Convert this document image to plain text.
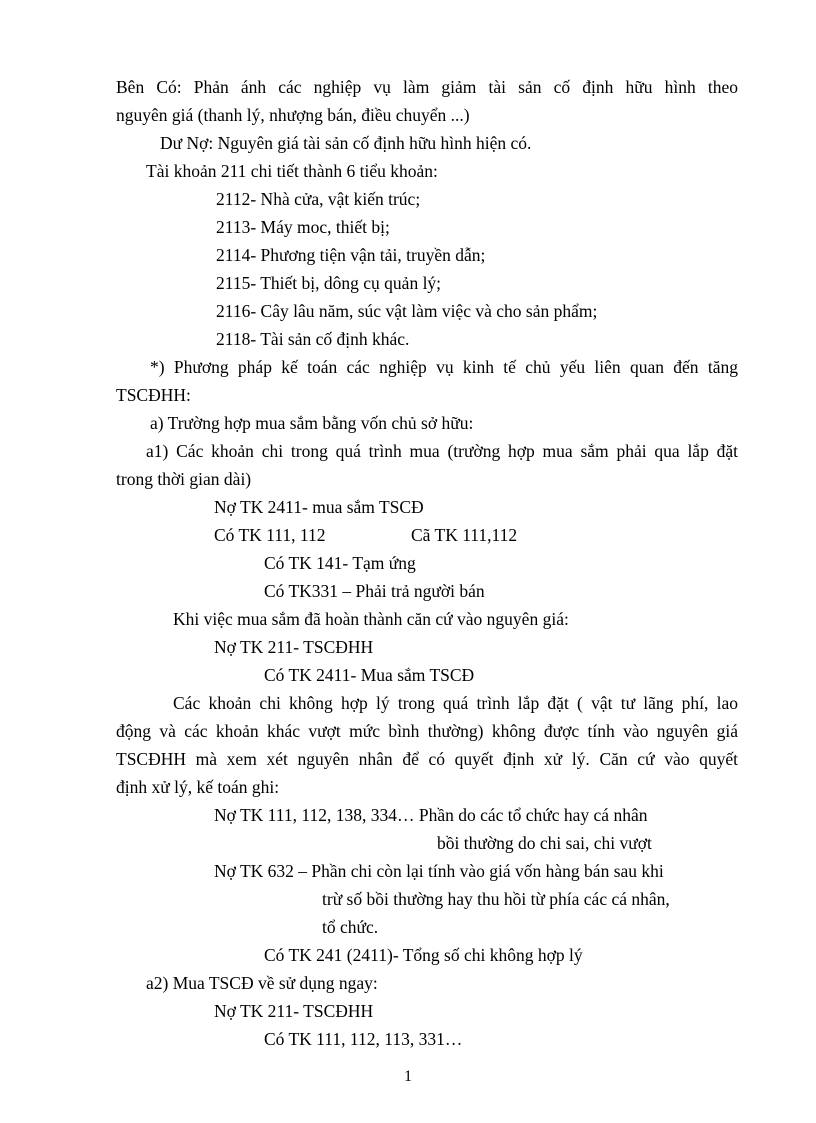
Bên Có: Phản ánh các nghiệp vụ làm giảm tài sản cố định hữu hình theo
nguyên giá (thanh lý, nhượng bán, điều chuyển ...)
Dư Nợ: Nguyên giá tài sản cố định hữu hình hiện có.
Tài khoản 211 chi tiết thành 6 tiểu khoản:
2112- Nhà cửa, vật kiến trúc;
2113- Máy moc, thiết bị;
2114- Phương tiện vận tải, truyền dẫn;
2115- Thiết bị, dông cụ quản lý;
2116- Cây lâu năm, súc vật làm việc và cho sản phẩm;
2118- Tài sản cố định khác.
*) Phương pháp kế toán các nghiệp vụ kinh tế chủ yếu liên quan đến tăng
TSCĐHH:
a) Trường hợp mua sắm bằng vốn chủ sở hữu:
a1) Các khoản chi trong quá trình mua (trường hợp mua sắm phải qua lắp đặt
trong thời gian dài)
Nợ TK 2411- mua sắm TSCĐ
Có TK 111, 112	Cã TK 111,112
Có TK 141- Tạm ứng
Có TK331 – Phải trả người bán
Khi việc mua sắm đã hoàn thành căn cứ vào nguyên giá:
Nợ TK 211- TSCĐHH
Có TK 2411- Mua sắm TSCĐ
Các khoản chi không hợp lý trong quá trình lắp đặt ( vật tư lãng phí, lao
động và các khoản khác vượt mức bình thường) không được tính vào nguyên giá
TSCĐHH mà xem xét nguyên nhân để có quyết định xử lý. Căn cứ vào quyết
định xử lý, kế toán ghi:
Nợ TK 111, 112, 138, 334… Phần do các tổ chức hay cá nhân
bồi thường do chi sai, chi vượt
Nợ TK 632 – Phần chi còn lại tính vào giá vốn hàng bán sau khi
trừ số bồi thường hay thu hồi từ phía các cá nhân,
tổ chức.
Có TK 241 (2411)- Tổng số chi không hợp lý
a2) Mua TSCĐ về sử dụng ngay:
Nợ TK 211- TSCĐHH
Có TK 111, 112, 113, 331…
1
